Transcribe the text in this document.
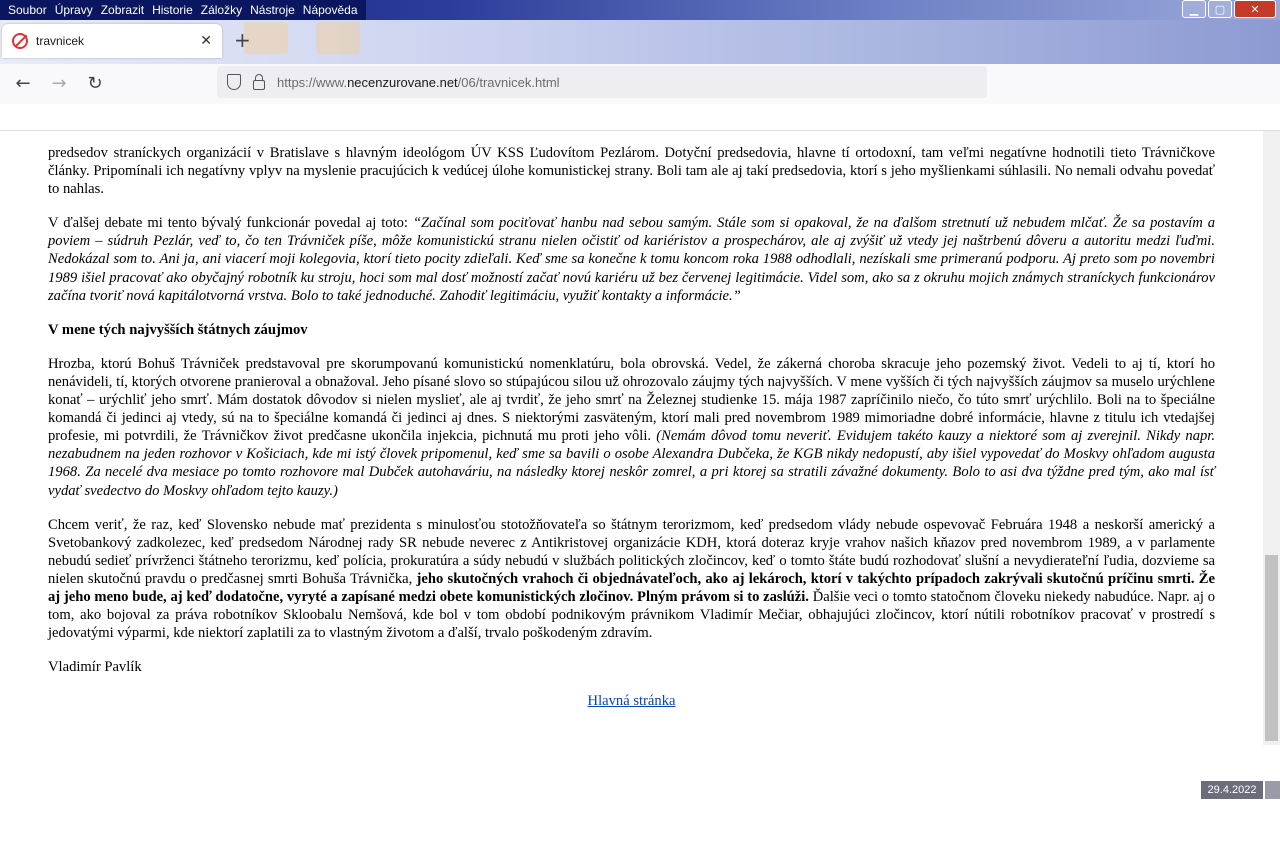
Soubor Úpravy Zobrazit Historie Záložky Nástroje Nápověda	▁	▢	✕
travnicek	✕ +
←	→	↻	https://www.necenzurovane.net/06/travnicek.html

predsedov straníckych organizácií v Bratislave s hlavným ideológom ÚV KSS Ľudovítom Pezlárom. Dotyční predsedovia, hlavne tí ortodoxní, tam veľmi negatívne hodnotili tieto Trávničkove články. Pripomínali ich negatívny vplyv na myslenie pracujúcich k vedúcej úlohe komunistickej strany. Boli tam ale aj takí predsedovia, ktorí s jeho myšlienkami súhlasili. No nemali odvahu povedať to nahlas.

V ďalšej debate mi tento bývalý funkcionár povedal aj toto: “Začínal som pociťovať hanbu nad sebou samým. Stále som si opakoval, že na ďalšom stretnutí už nebudem mlčať. Že sa postavím a poviem – súdruh Pezlár, veď to, čo ten Trávniček píše, môže komunistickú stranu nielen očistiť od kariéristov a prospechárov, ale aj zvýšiť už vtedy jej naštrbenú dôveru a autoritu medzi ľuďmi. Nedokázal som to. Ani ja, ani viacerí moji kolegovia, ktorí tieto pocity zdieľali. Keď sme sa konečne k tomu koncom roka 1988 odhodlali, nezískali sme primeranú podporu. Aj preto som po novembri 1989 išiel pracovať ako obyčajný robotník ku stroju, hoci som mal dosť možností začať novú kariéru už bez červenej legitimácie. Videl som, ako sa z okruhu mojich známych straníckych funkcionárov začína tvoriť nová kapitálotvorná vrstva. Bolo to také jednoduché. Zahodiť legitimáciu, využiť kontakty a informácie.”

V mene tých najvyšších štátnych záujmov

Hrozba, ktorú Bohuš Trávniček predstavoval pre skorumpovanú komunistickú nomenklatúru, bola obrovská. Vedel, že zákerná choroba skracuje jeho pozemský život. Vedeli to aj tí, ktorí ho nenávideli, tí, ktorých otvorene pranieroval a obnažoval. Jeho písané slovo so stúpajúcou silou už ohrozovalo záujmy tých najvyšších. V mene vyšších či tých najvyšších záujmov sa muselo urýchlene konať – urýchliť jeho smrť. Mám dostatok dôvodov si nielen myslieť, ale aj tvrdiť, že jeho smrť na Železnej studienke 15. mája 1987 zapríčinilo niečo, čo túto smrť urýchlilo. Boli na to špeciálne komandá či jedinci aj vtedy, sú na to špeciálne komandá či jedinci aj dnes. S niektorými zasväteným, ktorí mali pred novembrom 1989 mimoriadne dobré informácie, hlavne z titulu ich vtedajšej profesie, mi potvrdili, že Trávničkov život predčasne ukončila injekcia, pichnutá mu proti jeho vôli. (Nemám dôvod tomu neveriť. Evidujem takéto kauzy a niektoré som aj zverejnil. Nikdy napr. nezabudnem na jeden rozhovor v Košiciach, kde mi istý človek pripomenul, keď sme sa bavili o osobe Alexandra Dubčeka, že KGB nikdy nedopustí, aby išiel vypovedať do Moskvy ohľadom augusta 1968. Za necelé dva mesiace po tomto rozhovore mal Dubček autohaváriu, na následky ktorej neskôr zomrel, a pri ktorej sa stratili závažné dokumenty. Bolo to asi dva týždne pred tým, ako mal ísť vydať svedectvo do Moskvy ohľadom tejto kauzy.)

Chcem veriť, že raz, keď Slovensko nebude mať prezidenta s minulosťou stotožňovateľa so štátnym terorizmom, keď predsedom vlády nebude ospevovač Februára 1948 a neskorší americký a Svetobankový zadkolezec, keď predsedom Národnej rady SR nebude neverec z Antikristovej organizácie KDH, ktorá doteraz kryje vrahov našich kňazov pred novembrom 1989, a v parlamente nebudú sedieť prívrženci štátneho terorizmu, keď polícia, prokuratúra a súdy nebudú v službách politických zločincov, keď o tomto štáte budú rozhodovať slušní a nevydierateľní ľudia, dozvieme sa nielen skutočnú pravdu o predčasnej smrti Bohuša Trávnička, jeho skutočných vrahoch či objednávateľoch, ako aj lekároch, ktorí v takýchto prípadoch zakrývali skutočnú príčinu smrti. Že aj jeho meno bude, aj keď dodatočne, vyryté a zapísané medzi obete komunistických zločinov. Plným právom si to zaslúži. Ďalšie veci o tomto statočnom človeku niekedy nabudúce. Napr. aj o tom, ako bojoval za práva robotníkov Skloobalu Nemšová, kde bol v tom období podnikovým právnikom Vladimír Mečiar, obhajujúci zločincov, ktorí nútili robotníkov pracovať v prostredí s jedovatými výparmi, kde niektorí zaplatili za to vlastným životom a ďalší, trvalo poškodeným zdravím.

Vladimír Pavlík

Hlavná stránka

29.4.2022
